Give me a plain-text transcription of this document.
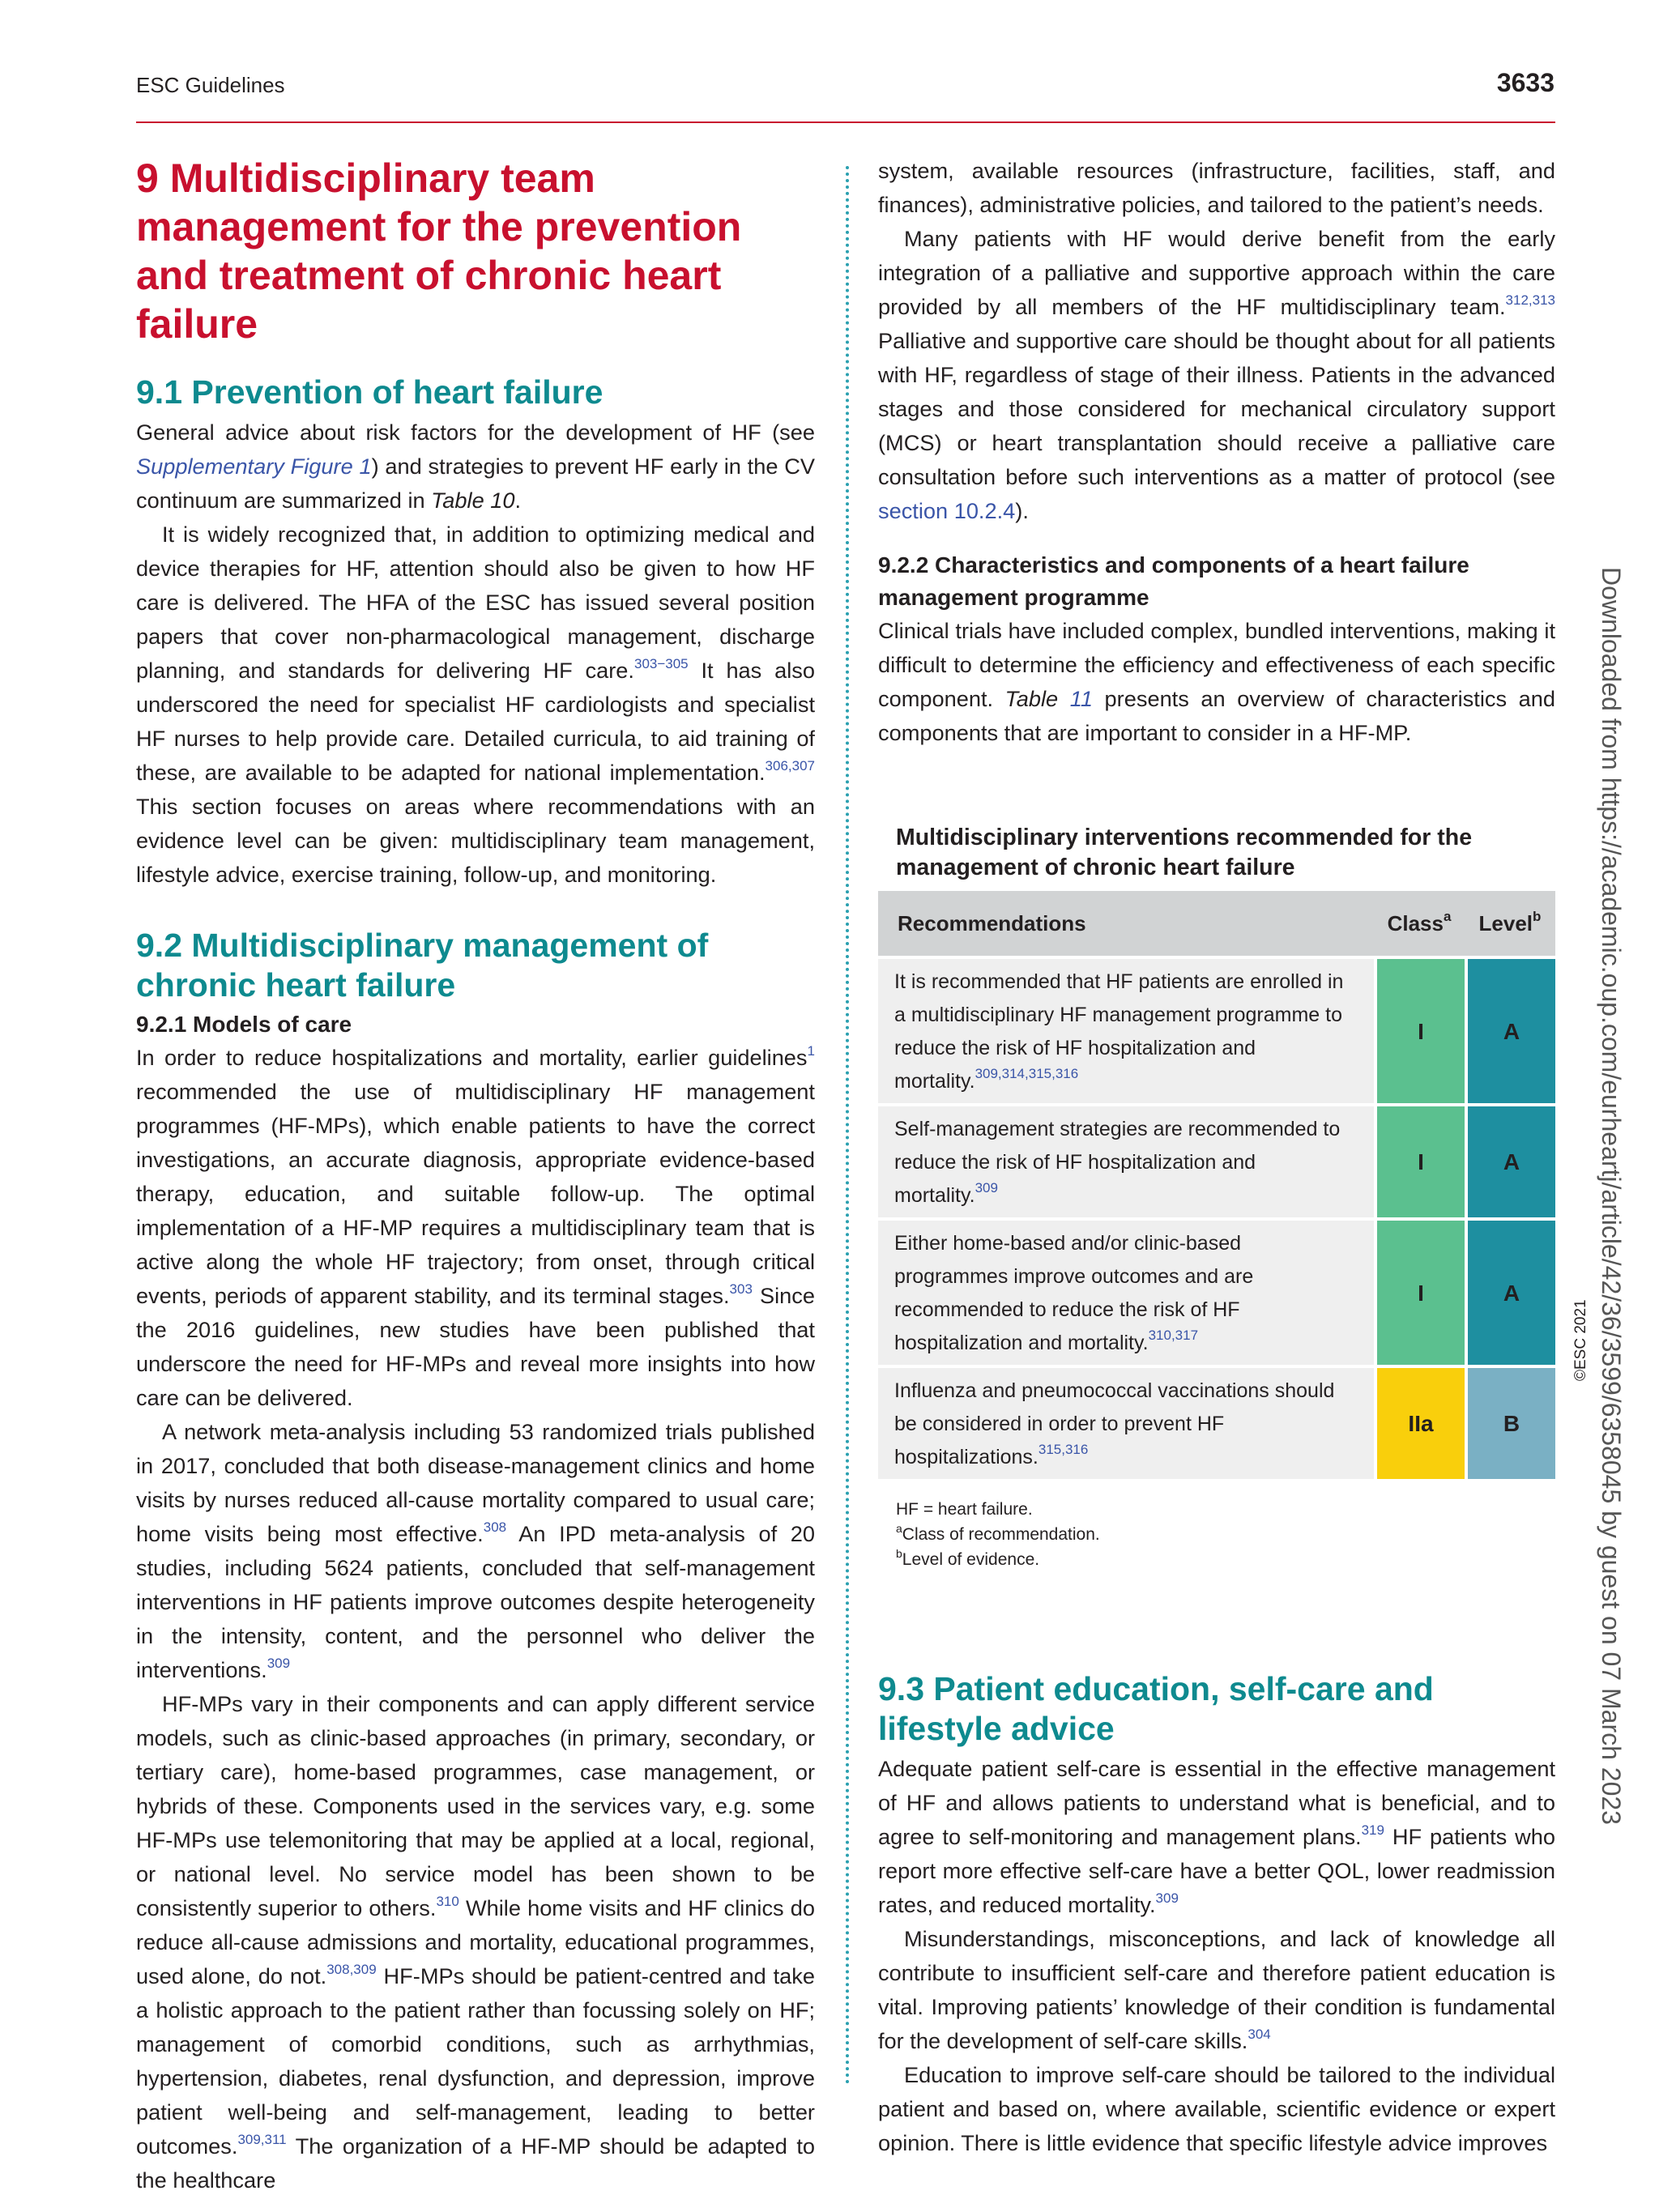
ESC Guidelines	3633
9 Multidisciplinary team management for the prevention and treatment of chronic heart failure
9.1 Prevention of heart failure

General advice about risk factors for the development of HF (see Supplementary Figure 1) and strategies to prevent HF early in the CV continuum are summarized in Table 10.

It is widely recognized that, in addition to optimizing medical and device therapies for HF, attention should also be given to how HF care is delivered. The HFA of the ESC has issued several position papers that cover non-pharmacological management, discharge planning, and standards for delivering HF care.$^{303-305}$ It has also underscored the need for specialist HF cardiologists and specialist HF nurses to help provide care. Detailed curricula, to aid training of these, are available to be adapted for national implementation.$^{306,307}$ This section focuses on areas where recommendations with an evidence level can be given: multidisciplinary team management, lifestyle advice, exercise training, follow-up, and monitoring.

9.2 Multidisciplinary management of chronic heart failure
9.2.1 Models of care

In order to reduce hospitalizations and mortality, earlier guidelines$^1$ recommended the use of multidisciplinary HF management programmes (HF-MPs), which enable patients to have the correct investigations, an accurate diagnosis, appropriate evidence-based therapy, education, and suitable follow-up. The optimal implementation of a HF-MP requires a multidisciplinary team that is active along the whole HF trajectory; from onset, through critical events, periods of apparent stability, and its terminal stages.$^{303}$ Since the 2016 guidelines, new studies have been published that underscore the need for HF-MPs and reveal more insights into how care can be delivered.

A network meta-analysis including 53 randomized trials published in 2017, concluded that both disease-management clinics and home visits by nurses reduced all-cause mortality compared to usual care; home visits being most effective.$^{308}$ An IPD meta-analysis of 20 studies, including 5624 patients, concluded that self-management interventions in HF patients improve outcomes despite heterogeneity in the intensity, content, and the personnel who deliver the interventions.$^{309}$

HF-MPs vary in their components and can apply different service models, such as clinic-based approaches (in primary, secondary, or tertiary care), home-based programmes, case management, or hybrids of these. Components used in the services vary, e.g. some HF-MPs use telemonitoring that may be applied at a local, regional, or national level. No service model has been shown to be consistently superior to others.$^{310}$ While home visits and HF clinics do reduce all-cause admissions and mortality, educational programmes, used alone, do not.$^{308,309}$ HF-MPs should be patient-centred and take a holistic approach to the patient rather than focussing solely on HF; management of comorbid conditions, such as arrhythmias, hypertension, diabetes, renal dysfunction, and depression, improve patient well-being and self-management, leading to better outcomes.$^{309,311}$ The organization of a HF-MP should be adapted to the healthcare

system, available resources (infrastructure, facilities, staff, and finances), administrative policies, and tailored to the patient’s needs.

Many patients with HF would derive benefit from the early integration of a palliative and supportive approach within the care provided by all members of the HF multidisciplinary team.$^{312,313}$ Palliative and supportive care should be thought about for all patients with HF, regardless of stage of their illness. Patients in the advanced stages and those considered for mechanical circulatory support (MCS) or heart transplantation should receive a palliative care consultation before such interventions as a matter of protocol (see section 10.2.4).

9.2.2 Characteristics and components of a heart failure management programme

Clinical trials have included complex, bundled interventions, making it difficult to determine the efficiency and effectiveness of each specific component. Table 11 presents an overview of characteristics and components that are important to consider in a HF-MP.

Multidisciplinary interventions recommended for the management of chronic heart failure
Recommendations	Class$^a$	Level$^b$
It is recommended that HF patients are enrolled in a multidisciplinary HF management programme to reduce the risk of HF hospitalization and mortality.$^{309,314,315,316}$	I	A
Self-management strategies are recommended to reduce the risk of HF hospitalization and mortality.$^{309}$	I	A
Either home-based and/or clinic-based programmes improve outcomes and are recommended to reduce the risk of HF hospitalization and mortality.$^{310,317}$	I	A
Influenza and pneumococcal vaccinations should be considered in order to prevent HF hospitalizations.$^{315,316}$	IIa	B
HF = heart failure.
$^a$Class of recommendation.
$^b$Level of evidence.
9.3 Patient education, self-care and lifestyle advice

Adequate patient self-care is essential in the effective management of HF and allows patients to understand what is beneficial, and to agree to self-monitoring and management plans.$^{319}$ HF patients who report more effective self-care have a better QOL, lower readmission rates, and reduced mortality.$^{309}$

Misunderstandings, misconceptions, and lack of knowledge all contribute to insufficient self-care and therefore patient education is vital. Improving patients’ knowledge of their condition is fundamental for the development of self-care skills.$^{304}$

Education to improve self-care should be tailored to the individual patient and based on, where available, scientific evidence or expert opinion. There is little evidence that specific lifestyle advice improves

©ESC 2021 Downloaded from https://academic.oup.com/eurheartj/article/42/36/3599/6358045 by guest on 07 March 2023
